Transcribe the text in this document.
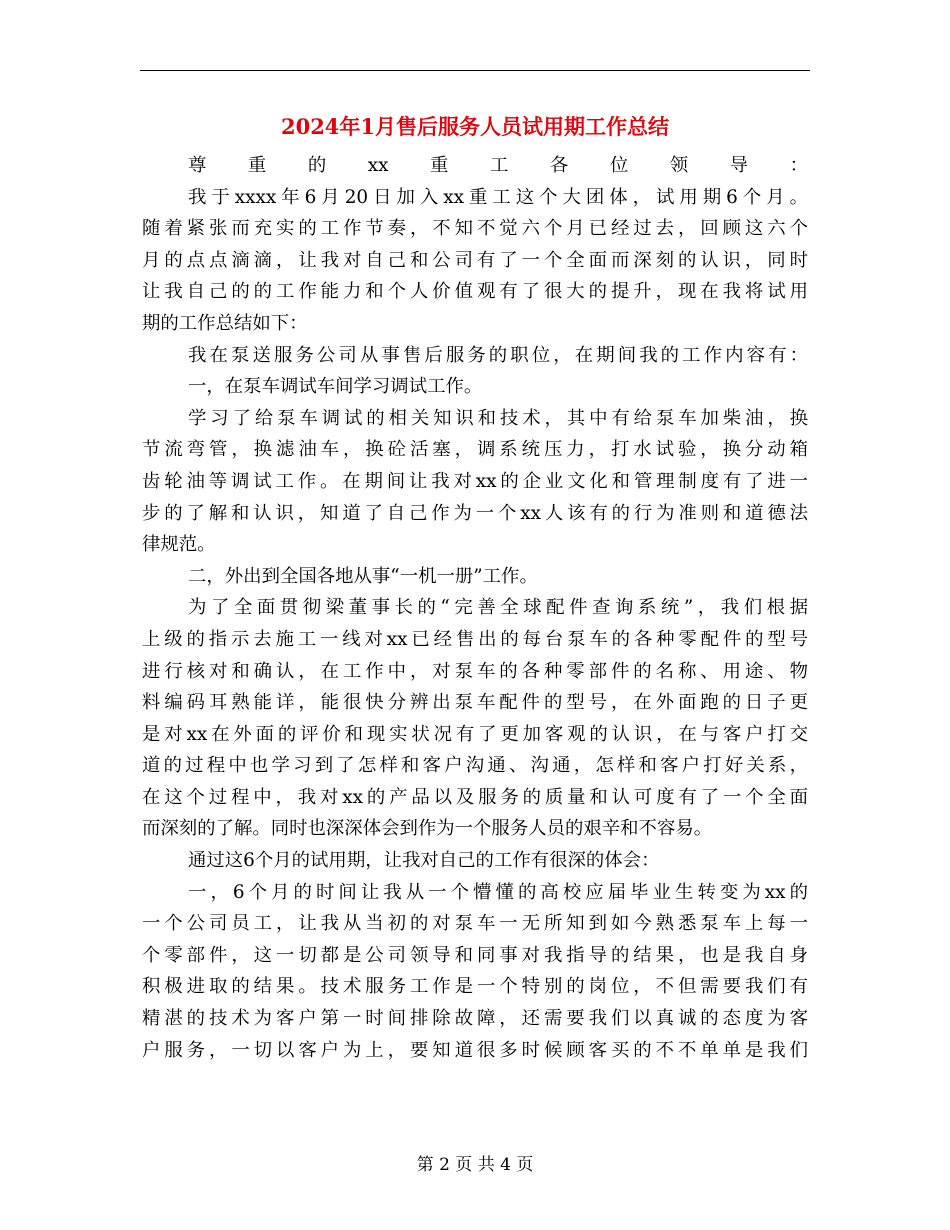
2024年1月售后服务人员试用期工作总结
尊重的xx重工各位领导：
我于xxxx年6月20日加入xx重工这个大团体，试用期6个月。
随着紧张而充实的工作节奏，不知不觉六个月已经过去，回顾这六个
月的点点滴滴，让我对自己和公司有了一个全面而深刻的认识，同时
让我自己的的工作能力和个人价值观有了很大的提升，现在我将试用
期的工作总结如下：
我在泵送服务公司从事售后服务的职位，在期间我的工作内容有：
一，在泵车调试车间学习调试工作。
学习了给泵车调试的相关知识和技术，其中有给泵车加柴油，换
节流弯管，换滤油车，换砼活塞，调系统压力，打水试验，换分动箱
齿轮油等调试工作。在期间让我对xx的企业文化和管理制度有了进一
步的了解和认识，知道了自己作为一个xx人该有的行为准则和道德法
律规范。
二，外出到全国各地从事“一机一册”工作。
为了全面贯彻梁董事长的“完善全球配件查询系统”，我们根据
上级的指示去施工一线对xx已经售出的每台泵车的各种零配件的型号
进行核对和确认，在工作中，对泵车的各种零部件的名称、用途、物
料编码耳熟能详，能很快分辨出泵车配件的型号，在外面跑的日子更
是对xx在外面的评价和现实状况有了更加客观的认识，在与客户打交
道的过程中也学习到了怎样和客户沟通、沟通，怎样和客户打好关系，
在这个过程中，我对xx的产品以及服务的质量和认可度有了一个全面
而深刻的了解。同时也深深体会到作为一个服务人员的艰辛和不容易。
通过这6个月的试用期，让我对自己的工作有很深的体会：
一，6个月的时间让我从一个懵懂的高校应届毕业生转变为xx的
一个公司员工，让我从当初的对泵车一无所知到如今熟悉泵车上每一
个零部件，这一切都是公司领导和同事对我指导的结果，也是我自身
积极进取的结果。技术服务工作是一个特别的岗位，不但需要我们有
精湛的技术为客户第一时间排除故障，还需要我们以真诚的态度为客
户服务，一切以客户为上，要知道很多时候顾客买的不不单单是我们
第 2 页 共 4 页
